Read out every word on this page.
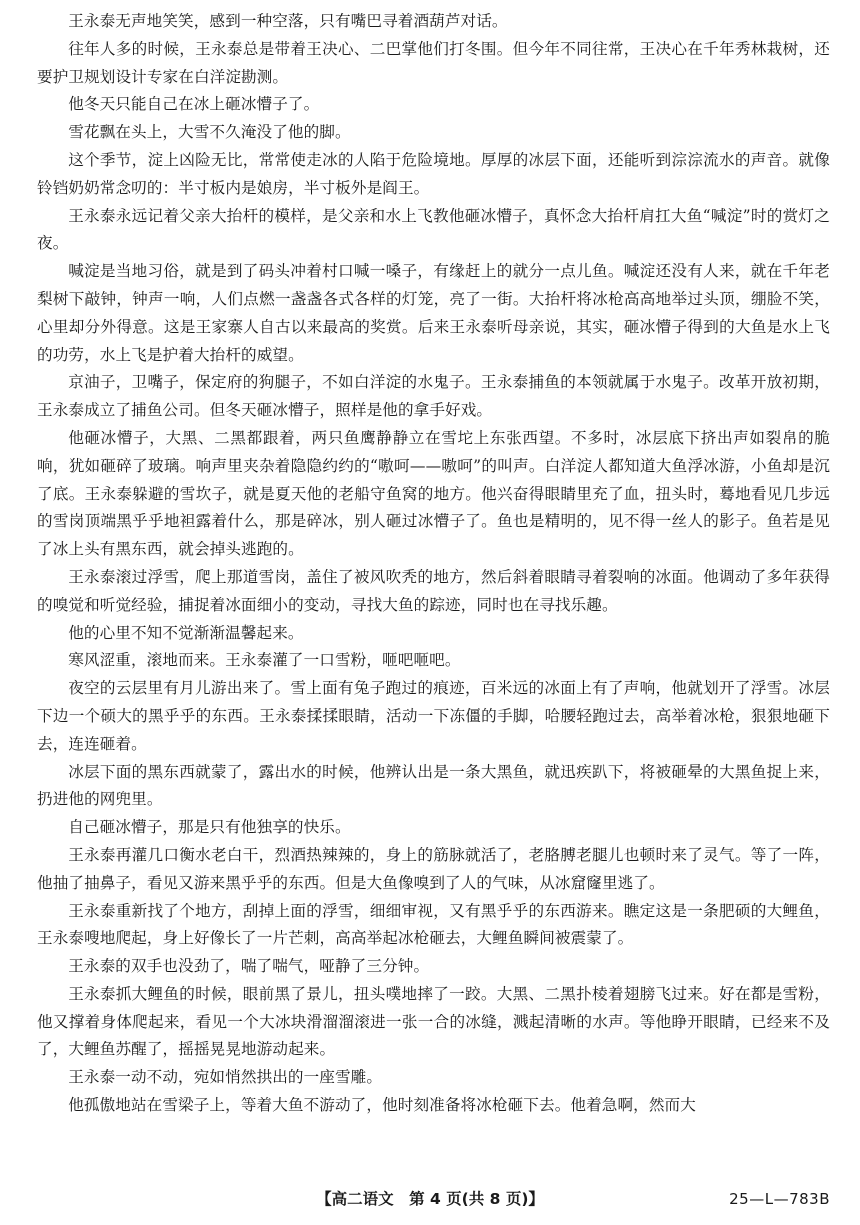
王永泰无声地笑笑，感到一种空落，只有嘴巴寻着酒葫芦对话。

往年人多的时候，王永泰总是带着王决心、二巴掌他们打冬围。但今年不同往常，王决心在千年秀林栽树，还要护卫规划设计专家在白洋淀勘测。

他冬天只能自己在冰上砸冰懵子了。

雪花飘在头上，大雪不久淹没了他的脚。

这个季节，淀上凶险无比，常常使走冰的人陷于危险境地。厚厚的冰层下面，还能听到淙淙流水的声音。就像铃铛奶奶常念叨的：半寸板内是娘房，半寸板外是阎王。

王永泰永远记着父亲大抬杆的模样，是父亲和水上飞教他砸冰懵子，真怀念大抬杆肩扛大鱼“喊淀”时的赏灯之夜。

喊淀是当地习俗，就是到了码头冲着村口喊一嗓子，有缘赶上的就分一点儿鱼。喊淀还没有人来，就在千年老梨树下敲钟，钟声一响，人们点燃一盏盏各式各样的灯笼，亮了一街。大抬杆将冰枪高高地举过头顶，绷脸不笑，心里却分外得意。这是王家寨人自古以来最高的奖赏。后来王永泰听母亲说，其实，砸冰懵子得到的大鱼是水上飞的功劳，水上飞是护着大抬杆的威望。

京油子，卫嘴子，保定府的狗腿子，不如白洋淀的水鬼子。王永泰捕鱼的本领就属于水鬼子。改革开放初期，王永泰成立了捕鱼公司。但冬天砸冰懵子，照样是他的拿手好戏。

他砸冰懵子，大黑、二黑都跟着，两只鱼鹰静静立在雪坨上东张西望。不多时，冰层底下挤出声如裂帛的脆响，犹如砸碎了玻璃。响声里夹杂着隐隐约约的“嗷呵——嗷呵”的叫声。白洋淀人都知道大鱼浮冰游，小鱼却是沉了底。王永泰躲避的雪坎子，就是夏天他的老船守鱼窝的地方。他兴奋得眼睛里充了血，扭头时，蓦地看见几步远的雪岗顶端黑乎乎地袒露着什么，那是碎冰，别人砸过冰懵子了。鱼也是精明的，见不得一丝人的影子。鱼若是见了冰上头有黑东西，就会掉头逃跑的。

王永泰滚过浮雪，爬上那道雪岗，盖住了被风吹秃的地方，然后斜着眼睛寻着裂响的冰面。他调动了多年获得的嗅觉和听觉经验，捕捉着冰面细小的变动，寻找大鱼的踪迹，同时也在寻找乐趣。

他的心里不知不觉渐渐温馨起来。

寒风涩重，滚地而来。王永泰灌了一口雪粉，咂吧咂吧。

夜空的云层里有月儿游出来了。雪上面有兔子跑过的痕迹，百米远的冰面上有了声响，他就划开了浮雪。冰层下边一个硕大的黑乎乎的东西。王永泰揉揉眼睛，活动一下冻僵的手脚，哈腰轻跑过去，高举着冰枪，狠狠地砸下去，连连砸着。

冰层下面的黑东西就蒙了，露出水的时候，他辨认出是一条大黑鱼，就迅疾趴下，将被砸晕的大黑鱼捉上来，扔进他的网兜里。

自己砸冰懵子，那是只有他独享的快乐。

王永泰再灌几口衡水老白干，烈酒热辣辣的，身上的筋脉就活了，老胳膊老腿儿也顿时来了灵气。等了一阵，他抽了抽鼻子，看见又游来黑乎乎的东西。但是大鱼像嗅到了人的气味，从冰窟窿里逃了。

王永泰重新找了个地方，刮掉上面的浮雪，细细审视，又有黑乎乎的东西游来。瞧定这是一条肥硕的大鲤鱼，王永泰嗖地爬起，身上好像长了一片芒刺，高高举起冰枪砸去，大鲤鱼瞬间被震蒙了。

王永泰的双手也没劲了，喘了喘气，哑静了三分钟。

王永泰抓大鲤鱼的时候，眼前黑了景儿，扭头噗地摔了一跤。大黑、二黑扑棱着翅膀飞过来。好在都是雪粉，他又撑着身体爬起来，看见一个大冰块滑溜溜滚进一张一合的冰缝，溅起清晰的水声。等他睁开眼睛，已经来不及了，大鲤鱼苏醒了，摇摇晃晃地游动起来。

王永泰一动不动，宛如悄然拱出的一座雪雕。

他孤傲地站在雪梁子上，等着大鱼不游动了，他时刻准备将冰枪砸下去。他着急啊，然而大

【高二语文　第 4 页(共 8 页)】	25—L—783B
